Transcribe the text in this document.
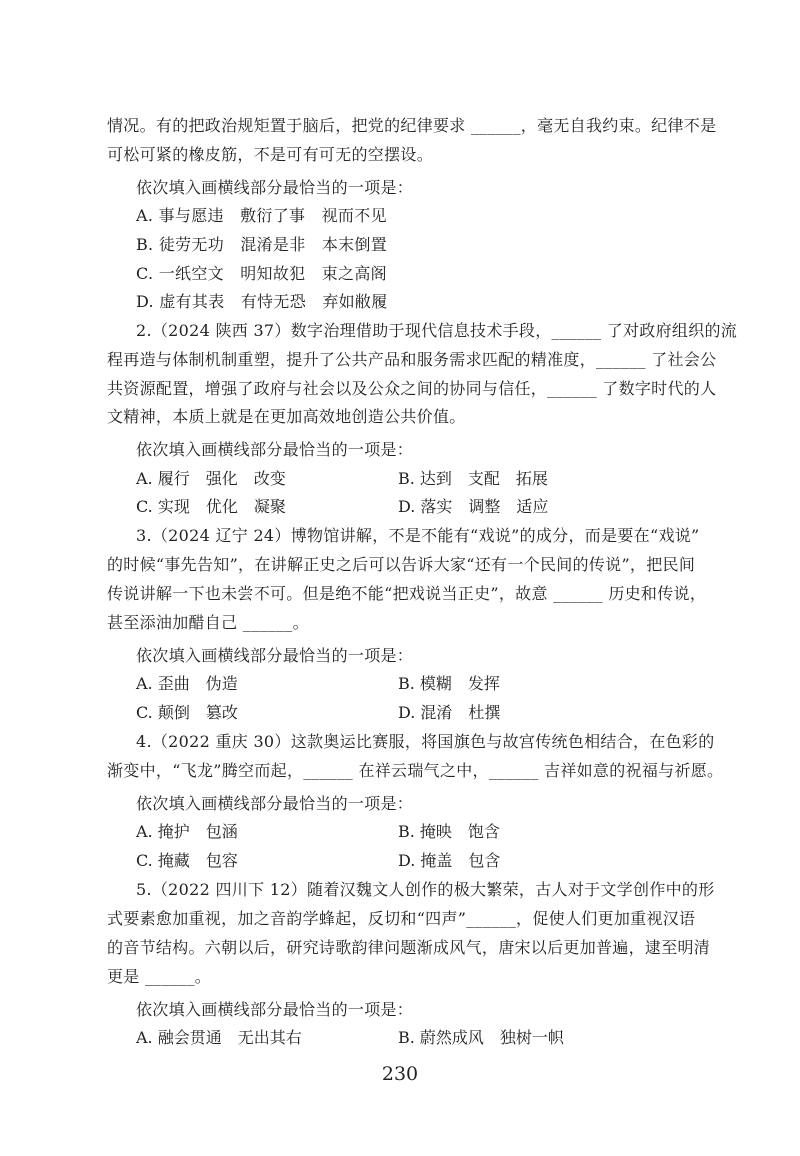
情况。有的把政治规矩置于脑后，把党的纪律要求 ______，毫无自我约束。纪律不是
可松可紧的橡皮筋，不是可有可无的空摆设。
依次填入画横线部分最恰当的一项是：
A. 事与愿违　敷衍了事　视而不见
B. 徒劳无功　混淆是非　本末倒置
C. 一纸空文　明知故犯　束之高阁
D. 虚有其表　有恃无恐　弃如敝履
2.（2024 陕西 37）数字治理借助于现代信息技术手段，______ 了对政府组织的流
程再造与体制机制重塑，提升了公共产品和服务需求匹配的精准度，______ 了社会公
共资源配置，增强了政府与社会以及公众之间的协同与信任，______ 了数字时代的人
文精神，本质上就是在更加高效地创造公共价值。
依次填入画横线部分最恰当的一项是：
A. 履行　强化　改变	B. 达到　支配　拓展
C. 实现　优化　凝聚	D. 落实　调整　适应
3.（2024 辽宁 24）博物馆讲解，不是不能有“戏说”的成分，而是要在“戏说”
的时候“事先告知”，在讲解正史之后可以告诉大家“还有一个民间的传说”，把民间
传说讲解一下也未尝不可。但是绝不能“把戏说当正史”，故意 ______ 历史和传说，
甚至添油加醋自己 ______。
依次填入画横线部分最恰当的一项是：
A. 歪曲　伪造	B. 模糊　发挥
C. 颠倒　篡改	D. 混淆　杜撰
4.（2022 重庆 30）这款奥运比赛服，将国旗色与故宫传统色相结合，在色彩的
渐变中，“飞龙”腾空而起，______ 在祥云瑞气之中，______ 吉祥如意的祝福与祈愿。
依次填入画横线部分最恰当的一项是：
A. 掩护　包涵	B. 掩映　饱含
C. 掩藏　包容	D. 掩盖　包含
5.（2022 四川下 12）随着汉魏文人创作的极大繁荣，古人对于文学创作中的形
式要素愈加重视，加之音韵学蜂起，反切和“四声”______，促使人们更加重视汉语
的音节结构。六朝以后，研究诗歌韵律问题渐成风气，唐宋以后更加普遍，逮至明清
更是 ______。
依次填入画横线部分最恰当的一项是：
A. 融会贯通　无出其右	B. 蔚然成风　独树一帜
230
